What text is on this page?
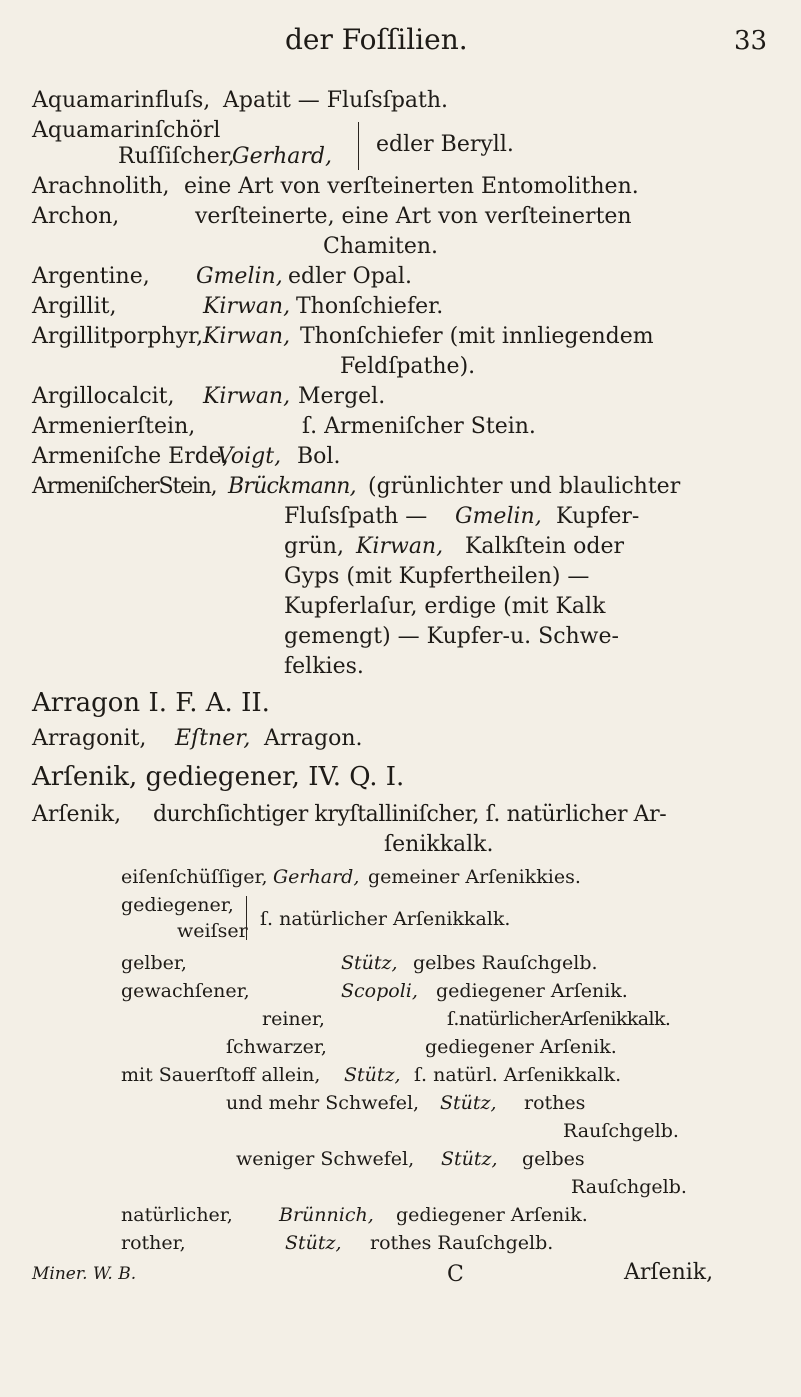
der Foſſilien.	33
Aquamarinfluſs, Apatit — Fluſsſpath.
Aquamarinſchörl
Ruſſiſcher,
Gerhard, edler Beryll.
Arachnolith, eine Art von verſteinerten Entomolithen.
Archon,	verſteinerte, eine Art von verſteinerten
Chamiten.
Argentine, Gmelin, edler Opal.
Argillit,	Kirwan, Thonſchiefer.
Argillitporphyr, Kirwan, Thonſchiefer (mit innliegendem
Feldſpathe).
Argillocalcit, Kirwan, Mergel.
Armenierſtein,	ſ. Armeniſcher Stein.
Armeniſche Erde,
Voigt, Bol.
ArmeniſcherStein, Brückmann, (grünlichter und blaulichter
Fluſsſpath — Gmelin, Kupfer-
grün, Kirwan, Kalkſtein oder
Gyps (mit Kupfertheilen) —
Kupferlaſur, erdige (mit Kalk
gemengt) — Kupfer-u. Schwe-
felkies.
Arragon I. F. A. II.
Arragonit, Eſtner, Arragon.
Arſenik, gediegener, IV. Q. I.
Arſenik, durchſichtiger kryſtalliniſcher, ſ. natürlicher Ar-
ſenikkalk.
eiſenſchüſſiger, Gerhard, gemeiner Arſenikkies.
gediegener,
weiſser
ſ. natürlicher Arſenikkalk.
gelber,	Stütz, gelbes Rauſchgelb.
gewachſener,	Scopoli, gediegener Arſenik.
reiner,	ſ.natürlicherArſenikkalk.
ſchwarzer,	gediegener Arſenik.
mit Sauerſtoff allein, Stütz, ſ. natürl. Arſenikkalk.
und mehr Schwefel, Stütz, rothes
Rauſchgelb.
weniger Schwefel, Stütz, gelbes
Rauſchgelb.
natürlicher, Brünnich, gediegener Arſenik.
rother,	Stütz, rothes Rauſchgelb.
Miner. W. B.	C	Arſenik,
